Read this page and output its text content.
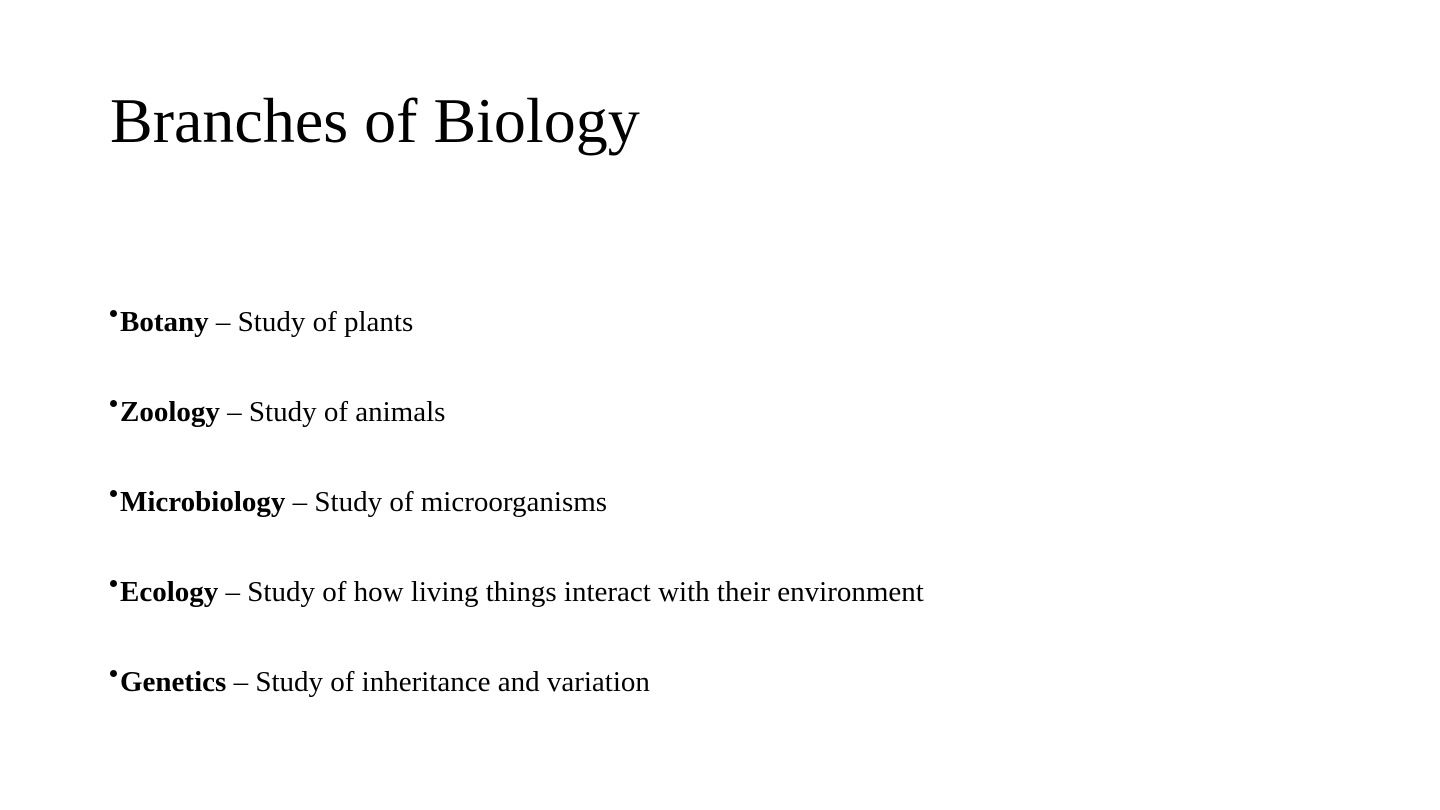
Branches of Biology
Botany – Study of plants
Zoology – Study of animals
Microbiology – Study of microorganisms
Ecology – Study of how living things interact with their environment
Genetics – Study of inheritance and variation
